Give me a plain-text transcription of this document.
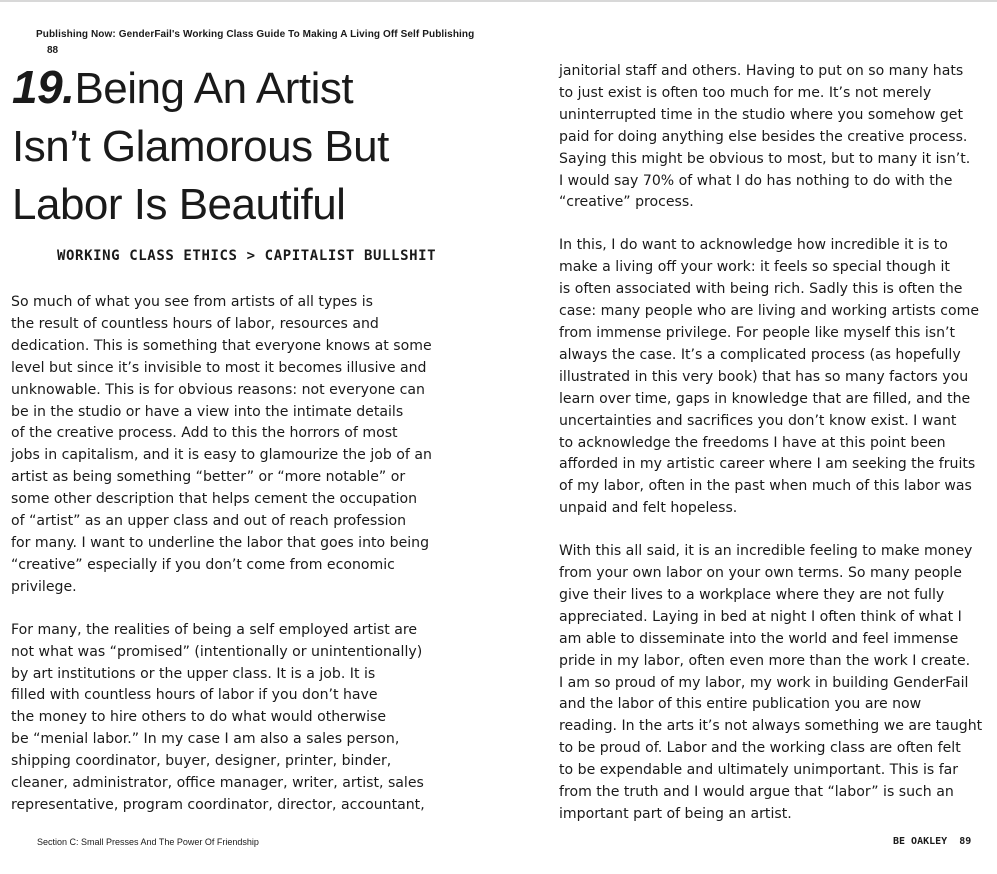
Publishing Now: GenderFail's Working Class Guide To Making A Living Off Self Publishing
88
19.Being An Artist
Isn’t Glamorous But
Labor Is Beautiful
WORKING CLASS ETHICS > CAPITALIST BULLSHIT

So much of what you see from artists of all types is
the result of countless hours of labor, resources and
dedication. This is something that everyone knows at some
level but since it’s invisible to most it becomes illusive and
unknowable. This is for obvious reasons: not everyone can
be in the studio or have a view into the intimate details
of the creative process. Add to this the horrors of most
jobs in capitalism, and it is easy to glamourize the job of an
artist as being something “better” or “more notable” or
some other description that helps cement the occupation
of “artist” as an upper class and out of reach profession
for many. I want to underline the labor that goes into being
“creative” especially if you don’t come from economic
privilege.

For many, the realities of being a self employed artist are
not what was “promised” (intentionally or unintentionally)
by art institutions or the upper class. It is a job. It is
filled with countless hours of labor if you don’t have
the money to hire others to do what would otherwise
be “menial labor.” In my case I am also a sales person,
shipping coordinator, buyer, designer, printer, binder,
cleaner, administrator, office manager, writer, artist, sales
representative, program coordinator, director, accountant,

janitorial staff and others. Having to put on so many hats
to just exist is often too much for me. It’s not merely
uninterrupted time in the studio where you somehow get
paid for doing anything else besides the creative process.
Saying this might be obvious to most, but to many it isn’t.
I would say 70% of what I do has nothing to do with the
“creative” process.

In this, I do want to acknowledge how incredible it is to
make a living off your work: it feels so special though it
is often associated with being rich. Sadly this is often the
case: many people who are living and working artists come
from immense privilege. For people like myself this isn’t
always the case. It’s a complicated process (as hopefully
illustrated in this very book) that has so many factors you
learn over time, gaps in knowledge that are filled, and the
uncertainties and sacrifices you don’t know exist. I want
to acknowledge the freedoms I have at this point been
afforded in my artistic career where I am seeking the fruits
of my labor, often in the past when much of this labor was
unpaid and felt hopeless.

With this all said, it is an incredible feeling to make money
from your own labor on your own terms. So many people
give their lives to a workplace where they are not fully
appreciated. Laying in bed at night I often think of what I
am able to disseminate into the world and feel immense
pride in my labor, often even more than the work I create.
I am so proud of my labor, my work in building GenderFail
and the labor of this entire publication you are now
reading. In the arts it’s not always something we are taught
to be proud of. Labor and the working class are often felt
to be expendable and ultimately unimportant. This is far
from the truth and I would argue that “labor” is such an
important part of being an artist.

Section C: Small Presses And The Power Of Friendship	BE OAKLEY 89
